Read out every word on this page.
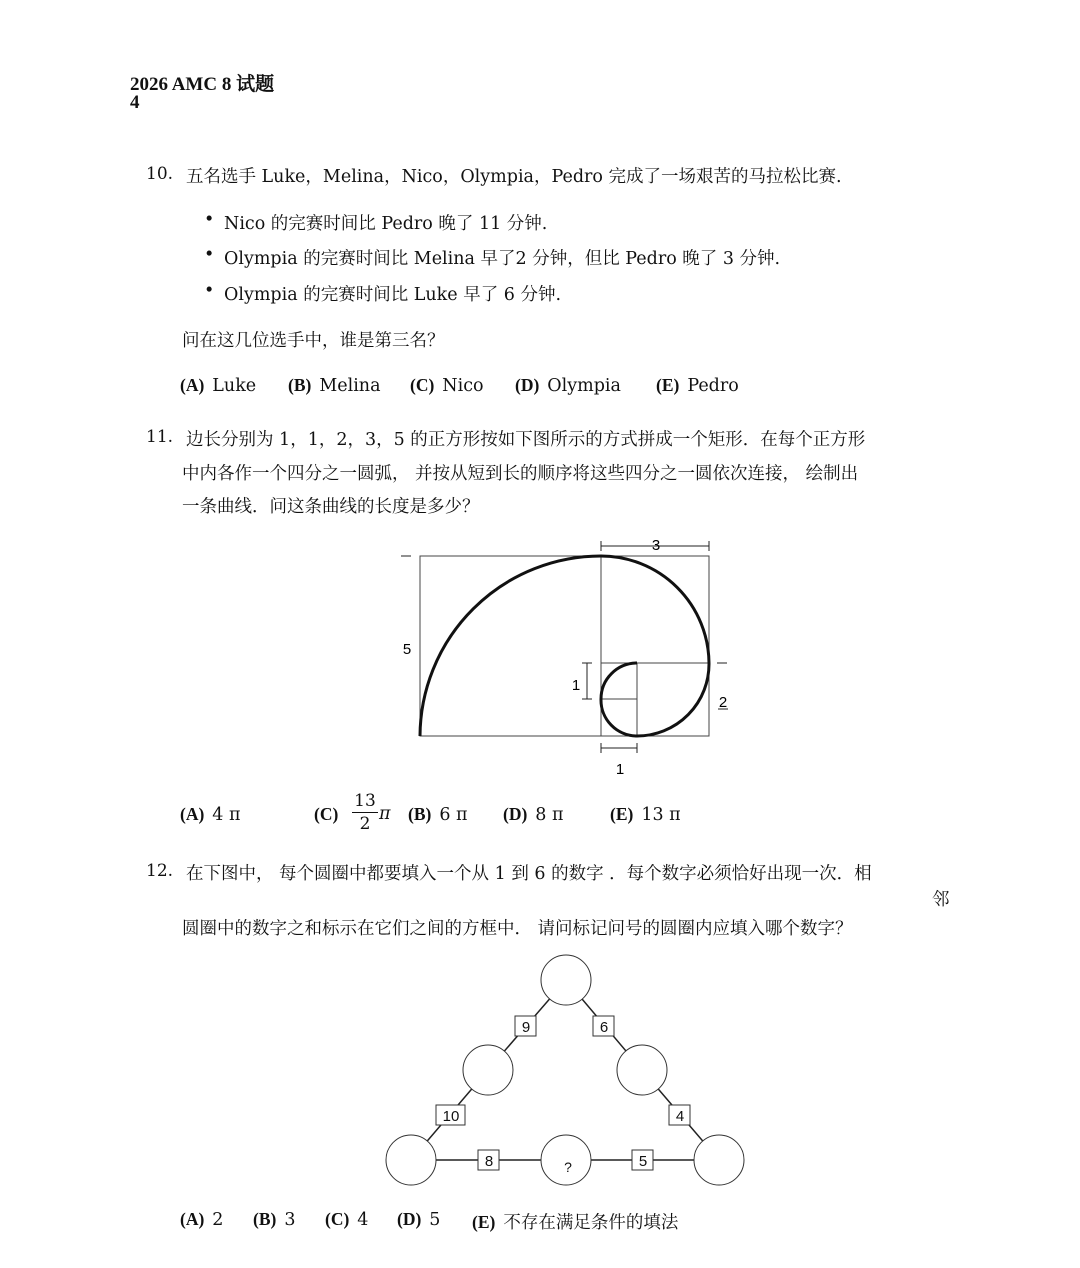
2026 AMC 8 试题
4
10. 五名选手 Luke，Melina，Nico，Olympia，Pedro 完成了一场艰苦的马拉松比赛.
• Nico 的完赛时间比 Pedro 晚了 11 分钟.
• Olympia 的完赛时间比 Melina 早了2 分钟，但比 Pedro 晚了 3 分钟.
• Olympia 的完赛时间比 Luke 早了 6 分钟.
问在这几位选手中，谁是第三名？
(A) Luke (B) Melina (C) Nico (D) Olympia (E) Pedro
11. 边长分别为 1，1，2，3，5 的正方形按如下图所示的方式拼成一个矩形．在每个正方形
中内各作一个四分之一圆弧， 并按从短到长的顺序将这些四分之一圆依次连接， 绘制出
一条曲线．问这条曲线的长度是多少？
3
5
1
2
1
(A) 4 π	(C)
13
2 π (B) 6 π (D) 8 π	(E) 13 π
12. 在下图中， 每个圆圈中都要填入一个从 1 到 6 的数字 ．每个数字必须恰好出现一次．相
邻
圆圈中的数字之和标示在它们之间的方框中． 请问标记问号的圆圈内应填入哪个数字？
9	6
10	4
8	5
?
(A) 2 (B) 3 (C) 4 (D) 5 (E) 不存在满足条件的填法
